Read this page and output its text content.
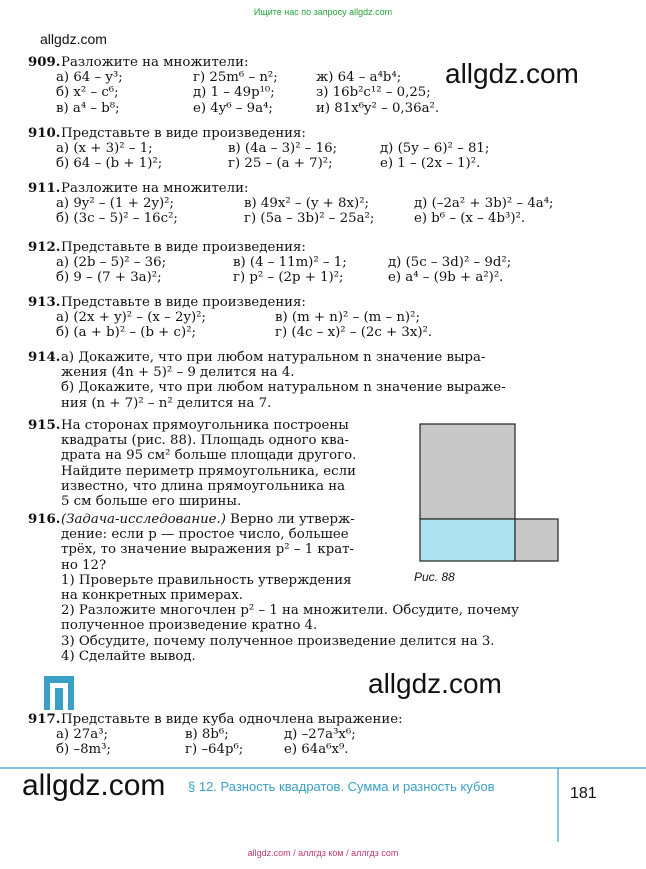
Ищите нас по запросу allgdz.com
allgdz.com
allgdz.com
909. Разложите на множители:
а) 64 – y³;	г) 25m⁶ – n²;	ж) 64 – a⁴b⁴;
б) x² – c⁶;	д) 1 – 49p¹⁰;	з) 16b²c¹² – 0,25;
в) a⁴ – b⁸;	е) 4y⁶ – 9a⁴;	и) 81x⁶y² – 0,36a².
910. Представьте в виде произведения:
а) (x + 3)² – 1;	в) (4a – 3)² – 16;	д) (5y – 6)² – 81;
б) 64 – (b + 1)²;	г) 25 – (a + 7)²;	е) 1 – (2x – 1)².
911. Разложите на множители:
а) 9y² – (1 + 2y)²;	в) 49x² – (y + 8x)²;	д) (–2a² + 3b)² – 4a⁴;
б) (3c – 5)² – 16c²;	г) (5a – 3b)² – 25a²;	е) b⁶ – (x – 4b³)².
912. Представьте в виде произведения:
а) (2b – 5)² – 36;	в) (4 – 11m)² – 1;	д) (5c – 3d)² – 9d²;
б) 9 – (7 + 3a)²;	г) p² – (2p + 1)²;	е) a⁴ – (9b + a²)².
913. Представьте в виде произведения:
а) (2x + y)² – (x – 2y)²;	в) (m + n)² – (m – n)²;
б) (a + b)² – (b + c)²;	г) (4c – x)² – (2c + 3x)².
914. а) Докажите, что при любом натуральном n значение выра-
жения (4n + 5)² – 9 делится на 4.
б) Докажите, что при любом натуральном n значение выраже-
ния (n + 7)² – n² делится на 7.
915. На сторонах прямоугольника построены
квадраты (рис. 88). Площадь одного ква-
драта на 95 см² больше площади другого.
Найдите периметр прямоугольника, если
известно, что длина прямоугольника на
5 см больше его ширины.
Рис. 88
916. (Задача-исследование.) Верно ли утверж-
дение: если p — простое число, большее
трёх, то значение выражения p² – 1 крат-
но 12?
1) Проверьте правильность утверждения
на конкретных примерах.
2) Разложите многочлен p² – 1 на множители. Обсудите, почему
полученное произведение кратно 4.
3) Обсудите, почему полученное произведение делится на 3.
4) Сделайте вывод.
allgdz.com
917. Представьте в виде куба одночлена выражение:
а) 27a³;	в) 8b⁶;	д) –27a³x⁶;
б) –8m³;	г) –64p⁶;	е) 64a⁶x⁹.
allgdz.com § 12. Разность квадратов. Сумма и разность кубов	181
allgdz.com / аллгдз ком / аллгдз com
